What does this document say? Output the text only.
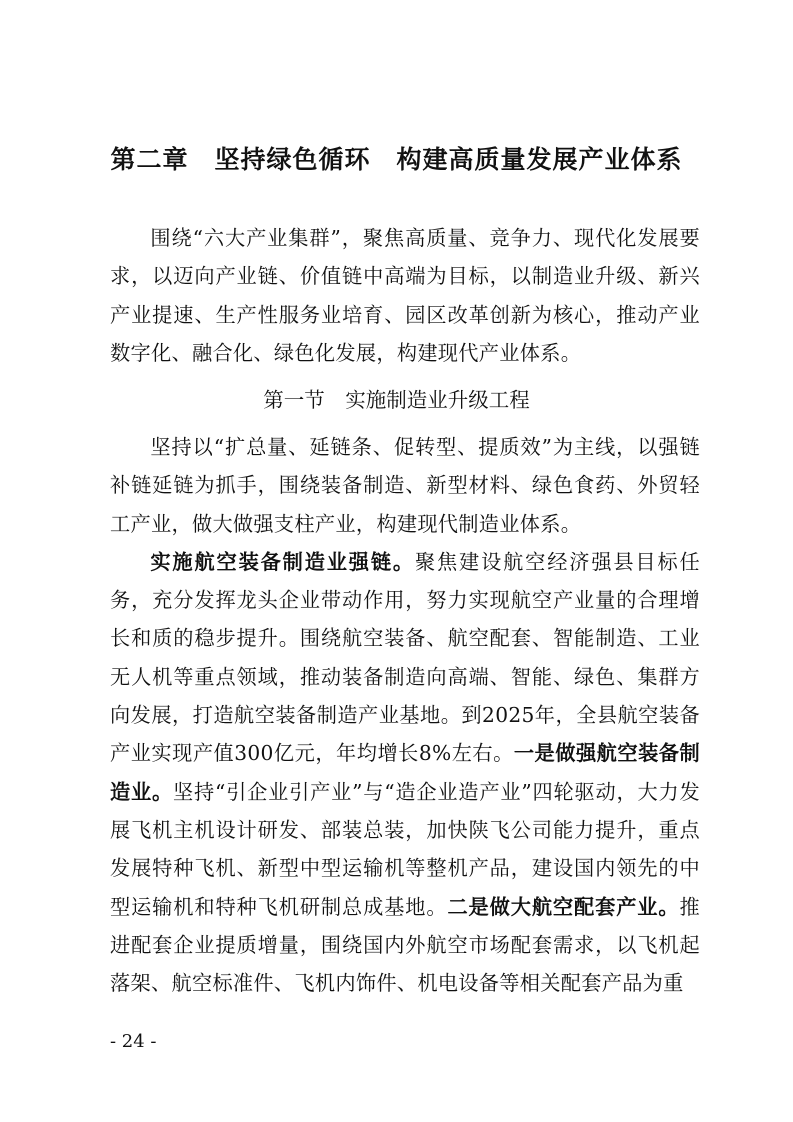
第二章　坚持绿色循环　构建高质量发展产业体系

围绕“六大产业集群”，聚焦高质量、竞争力、现代化发展要求，以迈向产业链、价值链中高端为目标，以制造业升级、新兴产业提速、生产性服务业培育、园区改革创新为核心，推动产业数字化、融合化、绿色化发展，构建现代产业体系。

第一节　实施制造业升级工程

坚持以“扩总量、延链条、促转型、提质效”为主线，以强链补链延链为抓手，围绕装备制造、新型材料、绿色食药、外贸轻工产业，做大做强支柱产业，构建现代制造业体系。

实施航空装备制造业强链。聚焦建设航空经济强县目标任务，充分发挥龙头企业带动作用，努力实现航空产业量的合理增长和质的稳步提升。围绕航空装备、航空配套、智能制造、工业无人机等重点领域，推动装备制造向高端、智能、绿色、集群方向发展，打造航空装备制造产业基地。到2025年，全县航空装备产业实现产值300亿元，年均增长8%左右。一是做强航空装备制造业。坚持“引企业引产业”与“造企业造产业”四轮驱动，大力发展飞机主机设计研发、部装总装，加快陕飞公司能力提升，重点发展特种飞机、新型中型运输机等整机产品，建设国内领先的中型运输机和特种飞机研制总成基地。二是做大航空配套产业。推进配套企业提质增量，围绕国内外航空市场配套需求，以飞机起落架、航空标准件、飞机内饰件、机电设备等相关配套产品为重

- 24 -
